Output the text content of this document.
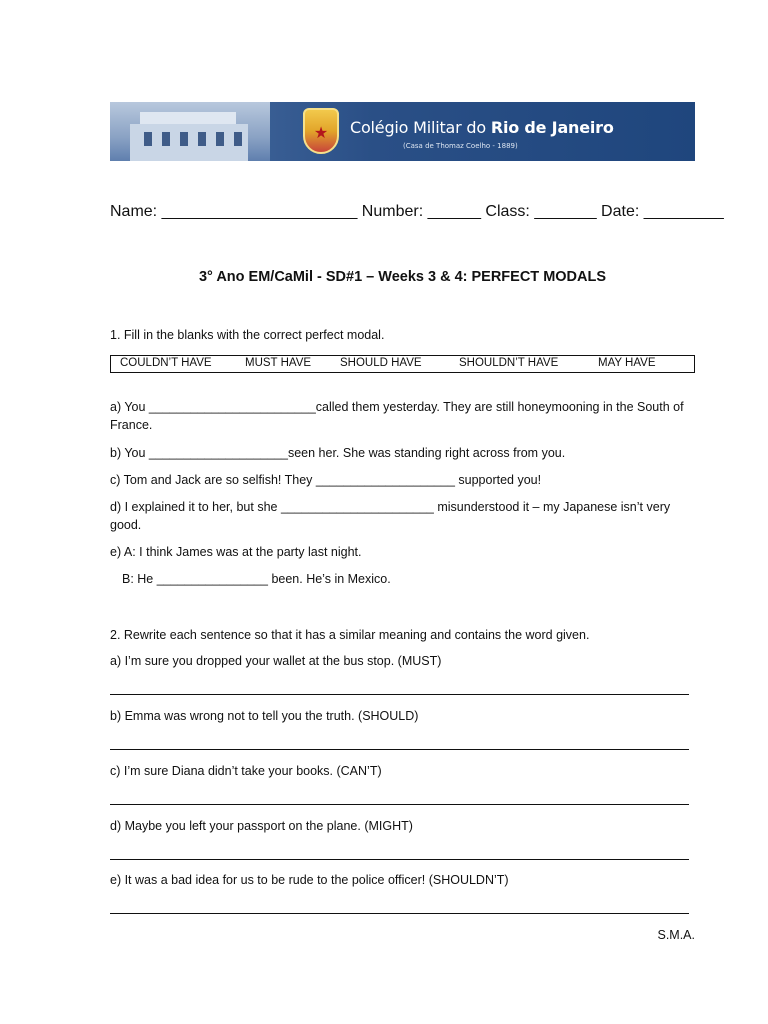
★	Colégio Militar do Rio de Janeiro
(Casa de Thomaz Coelho - 1889)
Name: ______________________ Number: ______ Class: _______ Date: _________
3° Ano EM/CaMil - SD#1 – Weeks 3 & 4: PERFECT MODALS
1. Fill in the blanks with the correct perfect modal.
COULDN’T HAVE	MUST HAVE	SHOULD HAVE	SHOULDN’T HAVE	MAY HAVE
a) You ________________________called them yesterday. They are still honeymooning in the South of France.
b) You ____________________seen her. She was standing right across from you.
c) Tom and Jack are so selfish! They ____________________ supported you!
d) I explained it to her, but she ______________________ misunderstood it – my Japanese isn’t very good.
e) A: I think James was at the party last night.
B: He ________________ been. He’s in Mexico.
2. Rewrite each sentence so that it has a similar meaning and contains the word given.
a) I’m sure you dropped your wallet at the bus stop. (MUST)
b) Emma was wrong not to tell you the truth. (SHOULD)
c) I’m sure Diana didn’t take your books. (CAN’T)
d) Maybe you left your passport on the plane. (MIGHT)
e) It was a bad idea for us to be rude to the police officer! (SHOULDN’T)
S.M.A.
